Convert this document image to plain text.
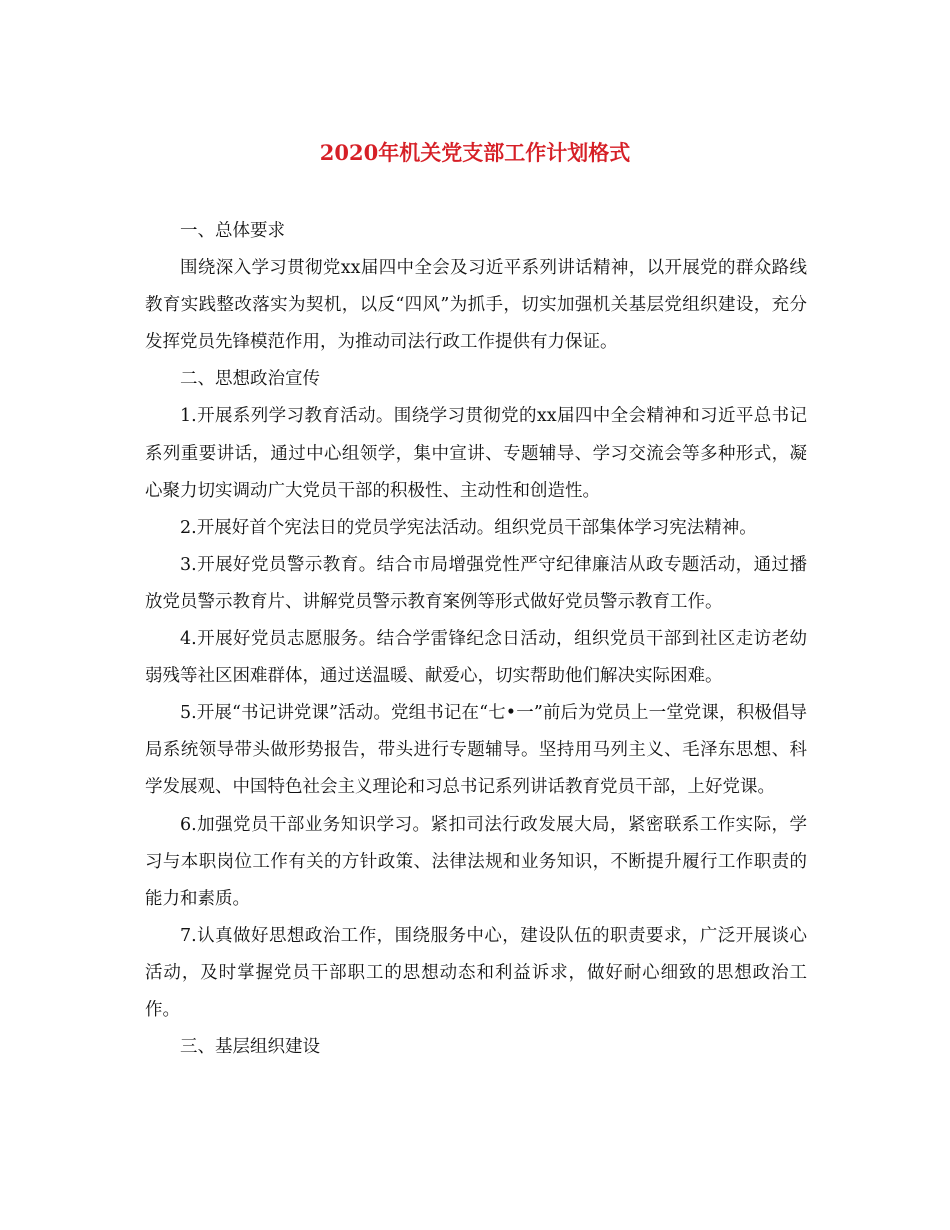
2020年机关党支部工作计划格式

一、总体要求

围绕深入学习贯彻党xx届四中全会及习近平系列讲话精神，以开展党的群众路线教育实践整改落实为契机，以反“四风”为抓手，切实加强机关基层党组织建设，充分发挥党员先锋模范作用，为推动司法行政工作提供有力保证。

二、思想政治宣传

1.开展系列学习教育活动。围绕学习贯彻党的xx届四中全会精神和习近平总书记系列重要讲话，通过中心组领学，集中宣讲、专题辅导、学习交流会等多种形式，凝心聚力切实调动广大党员干部的积极性、主动性和创造性。

2.开展好首个宪法日的党员学宪法活动。组织党员干部集体学习宪法精神。

3.开展好党员警示教育。结合市局增强党性严守纪律廉洁从政专题活动，通过播放党员警示教育片、讲解党员警示教育案例等形式做好党员警示教育工作。

4.开展好党员志愿服务。结合学雷锋纪念日活动，组织党员干部到社区走访老幼弱残等社区困难群体，通过送温暖、献爱心，切实帮助他们解决实际困难。

5.开展“书记讲党课”活动。党组书记在“七•一”前后为党员上一堂党课，积极倡导局系统领导带头做形势报告，带头进行专题辅导。坚持用马列主义、毛泽东思想、科学发展观、中国特色社会主义理论和习总书记系列讲话教育党员干部，上好党课。

6.加强党员干部业务知识学习。紧扣司法行政发展大局，紧密联系工作实际，学习与本职岗位工作有关的方针政策、法律法规和业务知识，不断提升履行工作职责的能力和素质。

7.认真做好思想政治工作，围绕服务中心，建设队伍的职责要求，广泛开展谈心活动，及时掌握党员干部职工的思想动态和利益诉求，做好耐心细致的思想政治工作。

三、基层组织建设
